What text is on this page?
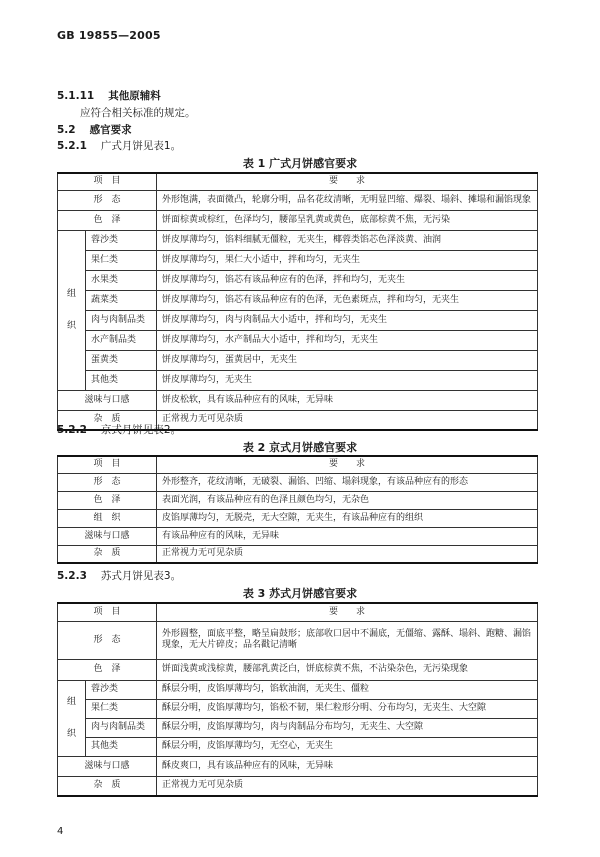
GB 19855—2005
5.1.11 其他原辅料
应符合相关标准的规定。
5.2 感官要求
5.2.1 广式月饼见表1。
表 1 广式月饼感官要求
项　目		要　　求
形　态		外形饱满，表面微凸，轮廓分明，品名花纹清晰，无明显凹缩、爆裂、塌斜、摊塌和漏馅现象
色　泽		饼面棕黄或棕红，色泽均匀，腰部呈乳黄或黄色，底部棕黄不焦，无污染
组

织	蓉沙类	饼皮厚薄均匀，馅料细腻无僵粒，无夹生，椰蓉类馅芯色泽淡黄、油润
	果仁类	饼皮厚薄均匀，果仁大小适中，拌和均匀，无夹生
	水果类	饼皮厚薄均匀，馅芯有该品种应有的色泽，拌和均匀，无夹生
	蔬菜类	饼皮厚薄均匀，馅芯有该品种应有的色泽，无色素斑点，拌和均匀，无夹生
	肉与肉制品类	饼皮厚薄均匀，肉与肉制品大小适中，拌和均匀，无夹生
	水产制品类	饼皮厚薄均匀，水产制品大小适中，拌和均匀，无夹生
	蛋黄类	饼皮厚薄均匀，蛋黄居中，无夹生
	其他类	饼皮厚薄均匀，无夹生
滋味与口感		饼皮松软，具有该品种应有的风味，无异味
杂　质		正常视力无可见杂质
5.2.2 京式月饼见表2。
表 2 京式月饼感官要求
项　目	要　　求
形　态	外形整齐，花纹清晰，无破裂、漏馅、凹缩、塌斜现象，有该品种应有的形态
色　泽	表面光润，有该品种应有的色泽且颜色均匀，无杂色
组　织	皮馅厚薄均匀，无脱壳，无大空隙，无夹生，有该品种应有的组织
滋味与口感	有该品种应有的风味，无异味
杂　质	正常视力无可见杂质
5.2.3 苏式月饼见表3。
表 3 苏式月饼感官要求
项　目		要　　求
形　态		外形圆整，面底平整，略呈扁鼓形；底部收口居中不漏底，无僵缩、露酥、塌斜、跑糖、漏馅现象，无大片碎皮；品名戳记清晰
色　泽		饼面浅黄或浅棕黄，腰部乳黄泛白，饼底棕黄不焦，不沾染杂色，无污染现象
组

织	蓉沙类	酥层分明，皮馅厚薄均匀，馅软油润，无夹生、僵粒
	果仁类	酥层分明，皮馅厚薄均匀，馅松不韧，果仁粒形分明、分布均匀，无夹生、大空隙
	肉与肉制品类	酥层分明，皮馅厚薄均匀，肉与肉制品分布均匀，无夹生、大空隙
	其他类	酥层分明，皮馅厚薄均匀，无空心，无夹生
滋味与口感		酥皮爽口，具有该品种应有的风味，无异味
杂　质		正常视力无可见杂质
4
